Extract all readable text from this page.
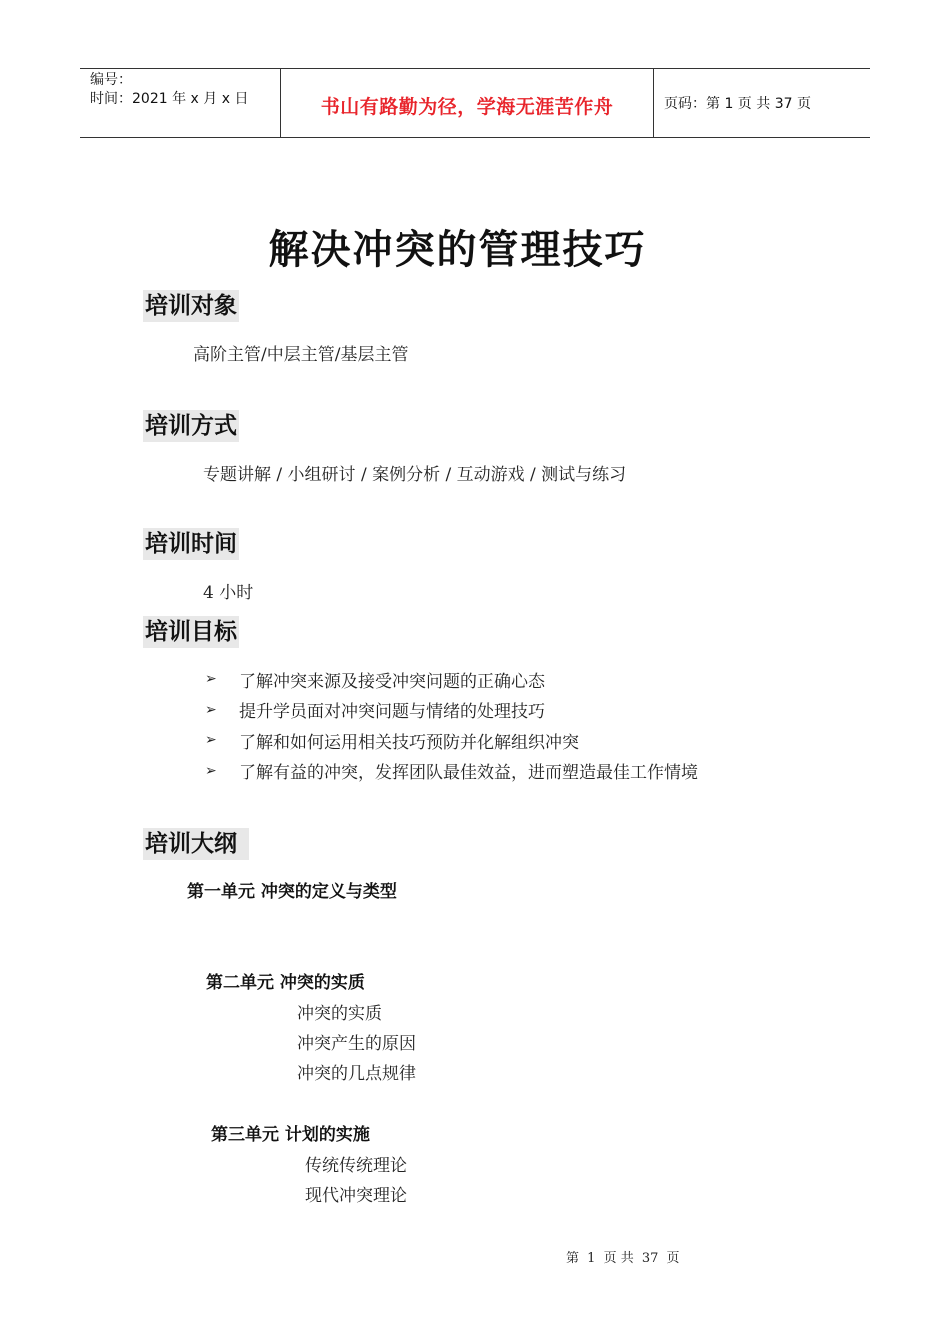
编号：
时间：2021 年 x 月 x 日	书山有路勤为径，学海无涯苦作舟	页码：第 1 页 共 37 页
解决冲突的管理技巧
培训对象
高阶主管/中层主管/基层主管
培训方式
专题讲解 / 小组研讨 / 案例分析 / 互动游戏 / 测试与练习
培训时间
4 小时
培训目标
➢	了解冲突来源及接受冲突问题的正确心态
➢	提升学员面对冲突问题与情绪的处理技巧
➢	了解和如何运用相关技巧预防并化解组织冲突
➢	了解有益的冲突，发挥团队最佳效益，进而塑造最佳工作情境
培训大纲
第一单元 冲突的定义与类型
第二单元 冲突的实质
冲突的实质
冲突产生的原因
冲突的几点规律
第三单元 计划的实施
传统传统理论
现代冲突理论
第 1 页 共 37 页
